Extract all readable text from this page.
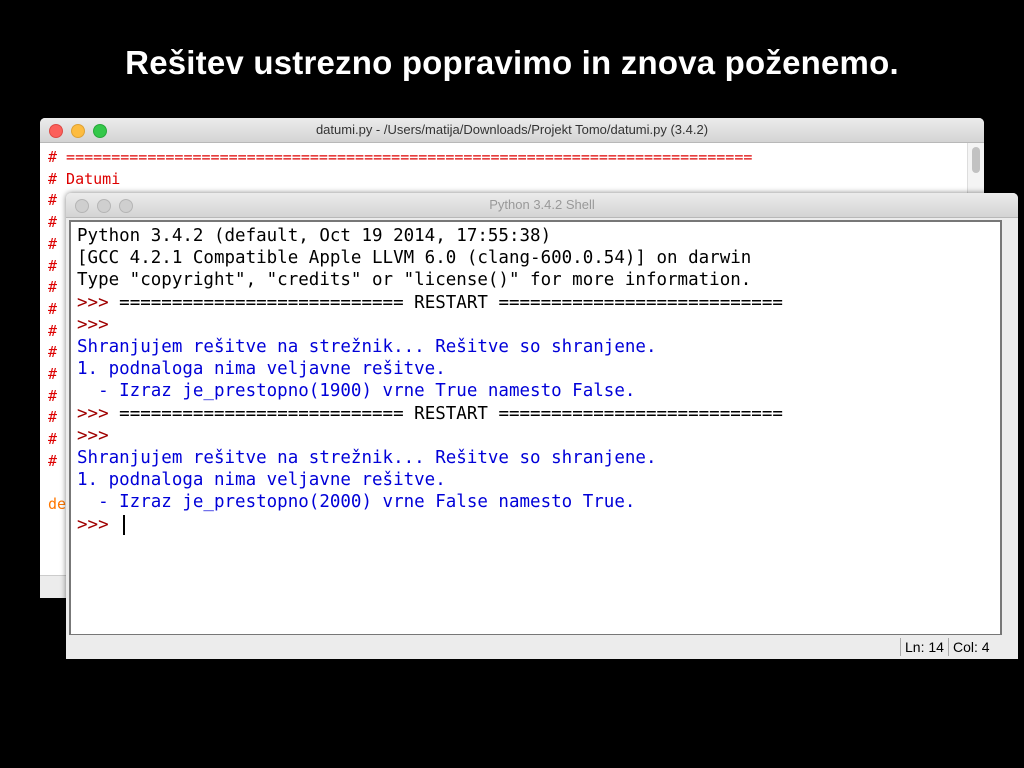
Rešitev ustrezno popravimo in znova poženemo.
datumi.py - /Users/matija/Downloads/Projekt Tomo/datumi.py (3.4.2)
# ============================================================================
# Datumi
#
#
#
#
#
#
#
#
#
#
#
#
#
de
Python 3.4.2 Shell
Python 3.4.2 (default, Oct 19 2014, 17:55:38)
[GCC 4.2.1 Compatible Apple LLVM 6.0 (clang-600.0.54)] on darwin
Type "copyright", "credits" or "license()" for more information.
>>> =========================== RESTART ===========================
>>>
Shranjujem rešitve na strežnik... Rešitve so shranjene.
1. podnaloga nima veljavne rešitve.
- Izraz je_prestopno(1900) vrne True namesto False.
>>> =========================== RESTART ===========================
>>>
Shranjujem rešitve na strežnik... Rešitve so shranjene.
1. podnaloga nima veljavne rešitve.
- Izraz je_prestopno(2000) vrne False namesto True.
>>>
Ln: 14 Col: 4
